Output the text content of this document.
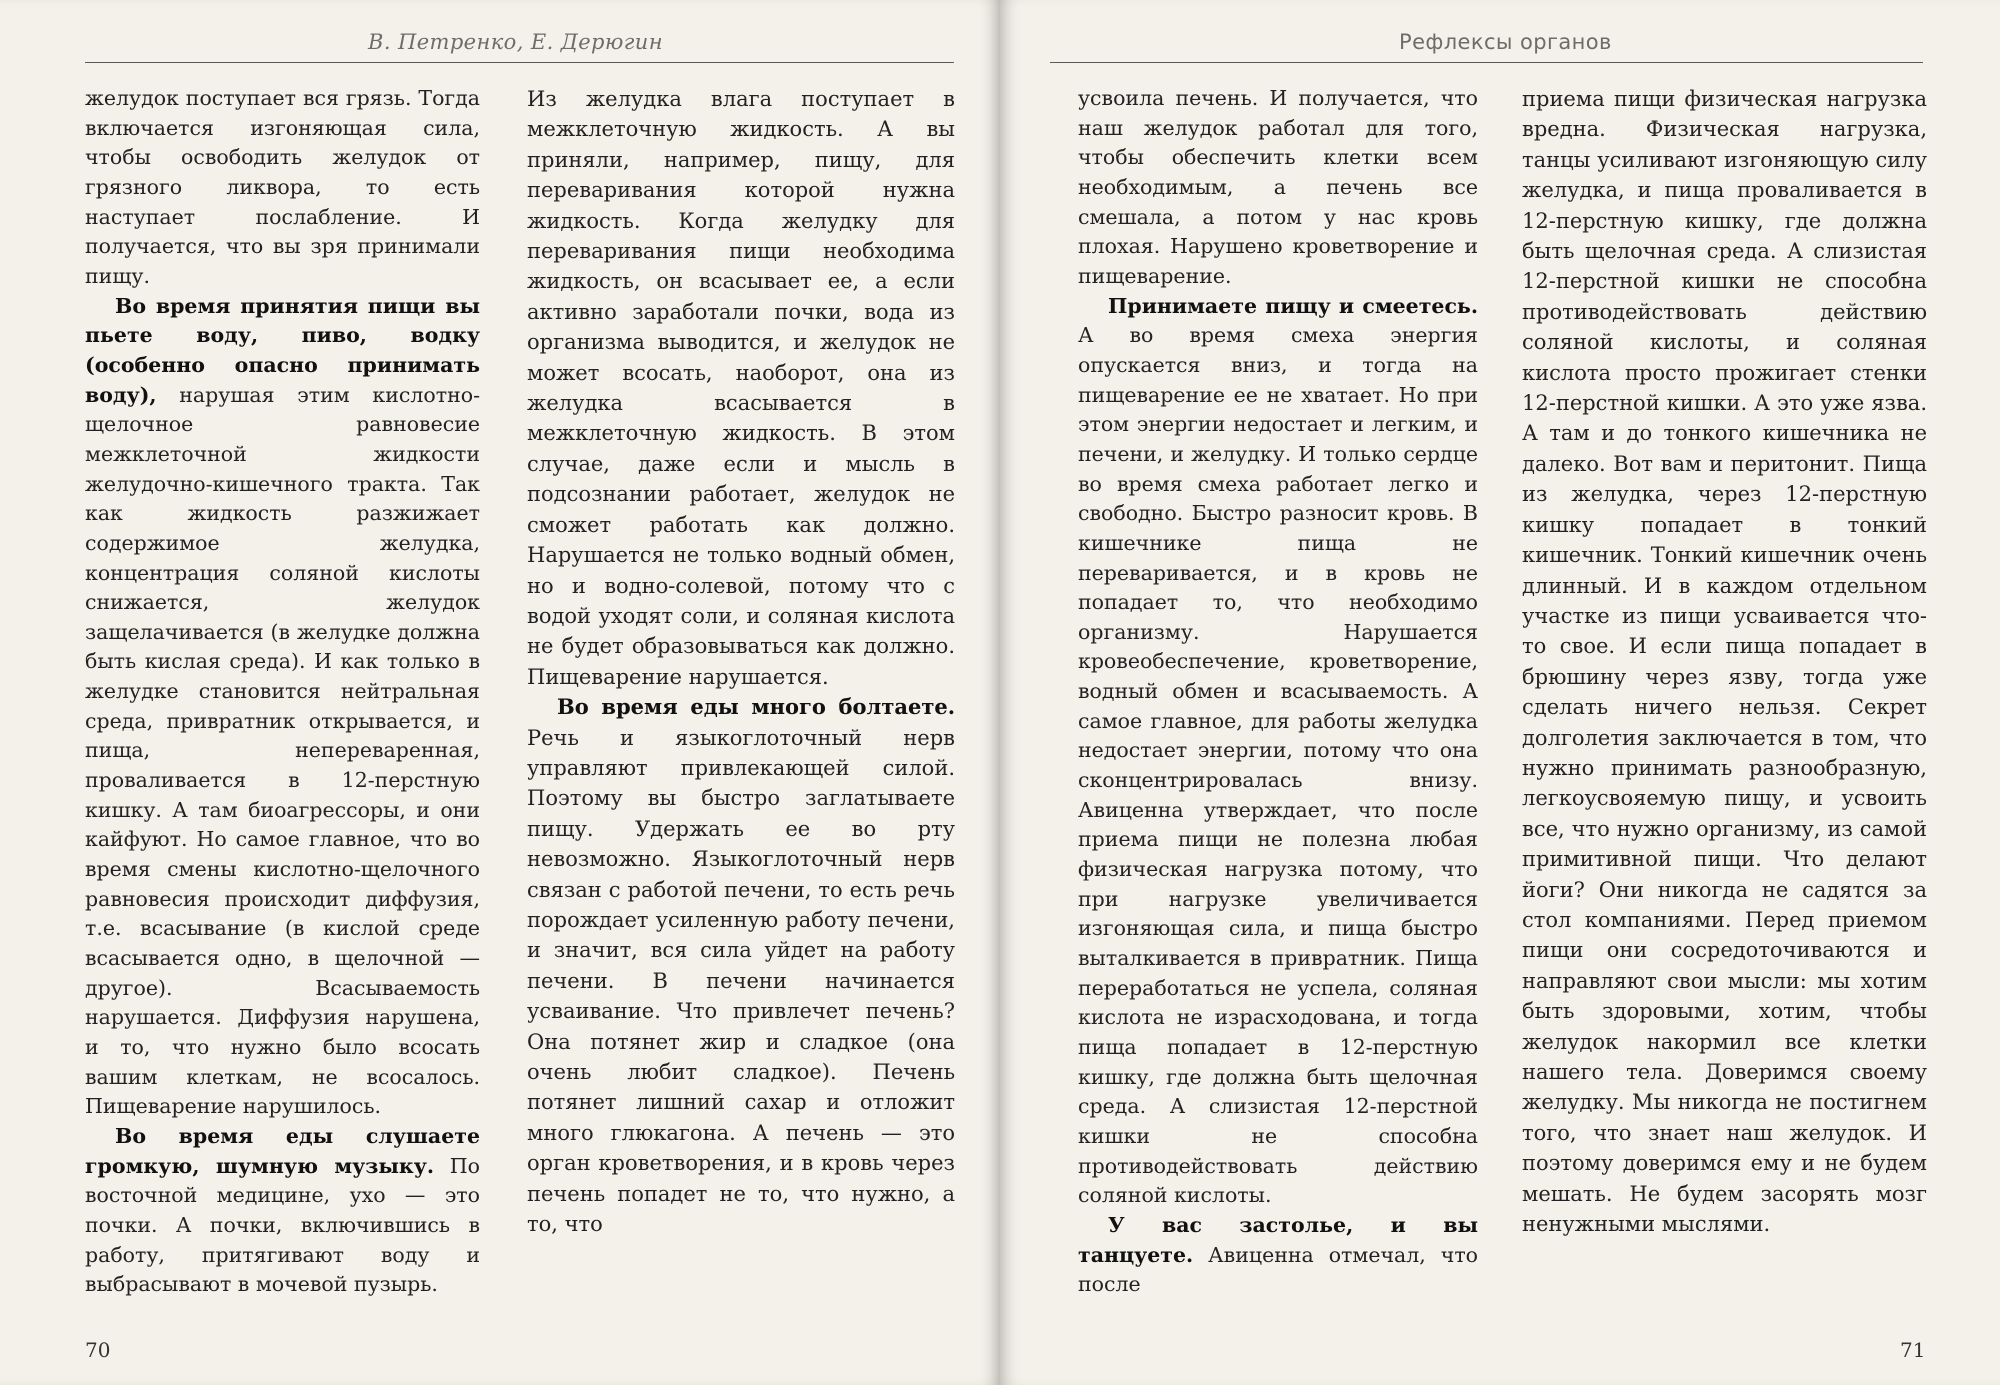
В. Петренко, Е. Дерюгин

желудок поступает вся грязь. Тогда включается изгоняющая сила, чтобы освободить желудок от грязного ликвора, то есть наступает послабление. И получается, что вы зря принимали пищу.

Во время принятия пищи вы пьете воду, пиво, водку (особенно опасно принимать воду), нарушая этим кислотно-щелочное равновесие межклеточной жидкости желудочно-кишечного тракта. Так как жидкость разжижает содержимое желудка, концентрация соляной кислоты снижается, желудок защелачивается (в желудке должна быть кислая среда). И как только в желудке становится нейтральная среда, привратник открывается, и пища, непереваренная, проваливается в 12-перстную кишку. А там биоагрессоры, и они кайфуют. Но самое главное, что во время смены кислотно-щелочного равновесия происходит диффузия, т.е. всасывание (в кислой среде всасывается одно, в щелочной — другое). Всасываемость нарушается. Диффузия нарушена, и то, что нужно было всосать вашим клеткам, не всосалось. Пищеварение нарушилось.

Во время еды слушаете громкую, шумную музыку. По восточной медицине, ухо — это почки. А почки, включившись в работу, притягивают воду и выбрасывают в мочевой пузырь.

Из желудка влага поступает в межклеточную жидкость. А вы приняли, например, пищу, для переваривания которой нужна жидкость. Когда желудку для переваривания пищи необходима жидкость, он всасывает ее, а если активно заработали почки, вода из организма выводится, и желудок не может всосать, наоборот, она из желудка всасывается в межклеточную жидкость. В этом случае, даже если и мысль в подсознании работает, желудок не сможет работать как должно. Нарушается не только водный обмен, но и водно-солевой, потому что с водой уходят соли, и соляная кислота не будет образовываться как должно. Пищеварение нарушается.

Во время еды много болтаете. Речь и языкоглоточный нерв управляют привлекающей силой. Поэтому вы быстро заглатываете пищу. Удержать ее во рту невозможно. Языкоглоточный нерв связан с работой печени, то есть речь порождает усиленную работу печени, и значит, вся сила уйдет на работу печени. В печени начинается усваивание. Что привлечет печень? Она потянет жир и сладкое (она очень любит сладкое). Печень потянет лишний сахар и отложит много глюкагона. А печень — это орган кроветворения, и в кровь через печень попадет не то, что нужно, а то, что

70
Рефлексы органов

усвоила печень. И получается, что наш желудок работал для того, чтобы обеспечить клетки всем необходимым, а печень все смешала, а потом у нас кровь плохая. Нарушено кроветворение и пищеварение.

Принимаете пищу и смеетесь. А во время смеха энергия опускается вниз, и тогда на пищеварение ее не хватает. Но при этом энергии недостает и легким, и печени, и желудку. И только сердце во время смеха работает легко и свободно. Быстро разносит кровь. В кишечнике пища не переваривается, и в кровь не попадает то, что необходимо организму. Нарушается кровеобеспечение, кроветворение, водный обмен и всасываемость. А самое главное, для работы желудка недостает энергии, потому что она сконцентрировалась внизу. Авиценна утверждает, что после приема пищи не полезна любая физическая нагрузка потому, что при нагрузке увеличивается изгоняющая сила, и пища быстро выталкивается в привратник. Пища переработаться не успела, соляная кислота не израсходована, и тогда пища попадает в 12-перстную кишку, где должна быть щелочная среда. А слизистая 12-перстной кишки не способна противодействовать действию соляной кислоты.

У вас застолье, и вы танцуете. Авиценна отмечал, что после

приема пищи физическая нагрузка вредна. Физическая нагрузка, танцы усиливают изгоняющую силу желудка, и пища проваливается в 12-перстную кишку, где должна быть щелочная среда. А слизистая 12-перстной кишки не способна противодействовать действию соляной кислоты, и соляная кислота просто прожигает стенки 12-перстной кишки. А это уже язва. А там и до тонкого кишечника не далеко. Вот вам и перитонит. Пища из желудка, через 12-перстную кишку попадает в тонкий кишечник. Тонкий кишечник очень длинный. И в каждом отдельном участке из пищи усваивается что-то свое. И если пища попадает в брюшину через язву, тогда уже сделать ничего нельзя. Секрет долголетия заключается в том, что нужно принимать разнообразную, легкоусвояемую пищу, и усвоить все, что нужно организму, из самой примитивной пищи. Что делают йоги? Они никогда не садятся за стол компаниями. Перед приемом пищи они сосредоточиваются и направляют свои мысли: мы хотим быть здоровыми, хотим, чтобы желудок накормил все клетки нашего тела. Доверимся своему желудку. Мы никогда не постигнем того, что знает наш желудок. И поэтому доверимся ему и не будем мешать. Не будем засорять мозг ненужными мыслями.

71
